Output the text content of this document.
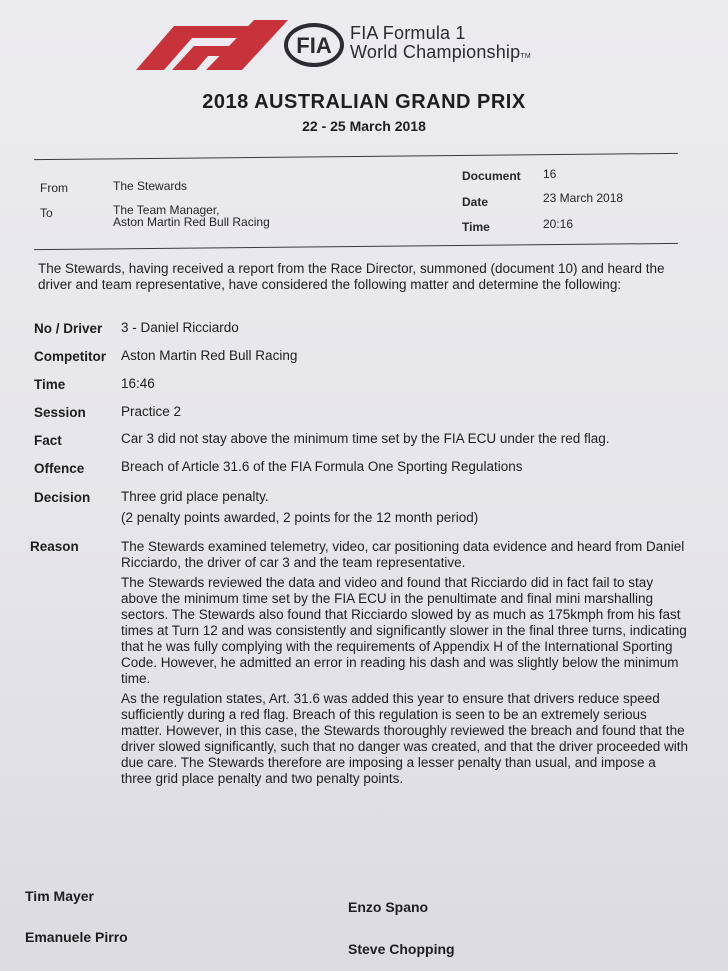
FIA FIA Formula 1
World ChampionshipTM
2018 AUSTRALIAN GRAND PRIX
22 - 25 March 2018
From	The Stewards
To	The Team Manager,
Aston Martin Red Bull Racing
Document 16
Date	23 March 2018
Time	20:16
The Stewards, having received a report from the Race Director, summoned (document 10) and heard the driver and team representative, have considered the following matter and determine the following:
No / Driver	3 - Daniel Ricciardo
Competitor	Aston Martin Red Bull Racing
Time	16:46
Session	Practice 2
Fact	Car 3 did not stay above the minimum time set by the FIA ECU under the red flag.
Offence	Breach of Article 31.6 of the FIA Formula One Sporting Regulations
Decision	Three grid place penalty.
(2 penalty points awarded, 2 points for the 12 month period)
Reason	The Stewards examined telemetry, video, car positioning data evidence and heard from Daniel Ricciardo, the driver of car 3 and the team representative.

The Stewards reviewed the data and video and found that Ricciardo did in fact fail to stay above the minimum time set by the FIA ECU in the penultimate and final mini marshalling sectors. The Stewards also found that Ricciardo slowed by as much as 175kmph from his fast times at Turn 12 and was consistently and significantly slower in the final three turns, indicating that he was fully complying with the requirements of Appendix H of the International Sporting Code. However, he admitted an error in reading his dash and was slightly below the minimum time.

As the regulation states, Art. 31.6 was added this year to ensure that drivers reduce speed sufficiently during a red flag. Breach of this regulation is seen to be an extremely serious matter. However, in this case, the Stewards thoroughly reviewed the breach and found that the driver slowed significantly, such that no danger was created, and that the driver proceeded with due care. The Stewards therefore are imposing a lesser penalty than usual, and impose a three grid place penalty and two penalty points.

Tim Mayer
Enzo Spano
Emanuele Pirro
Steve Chopping
